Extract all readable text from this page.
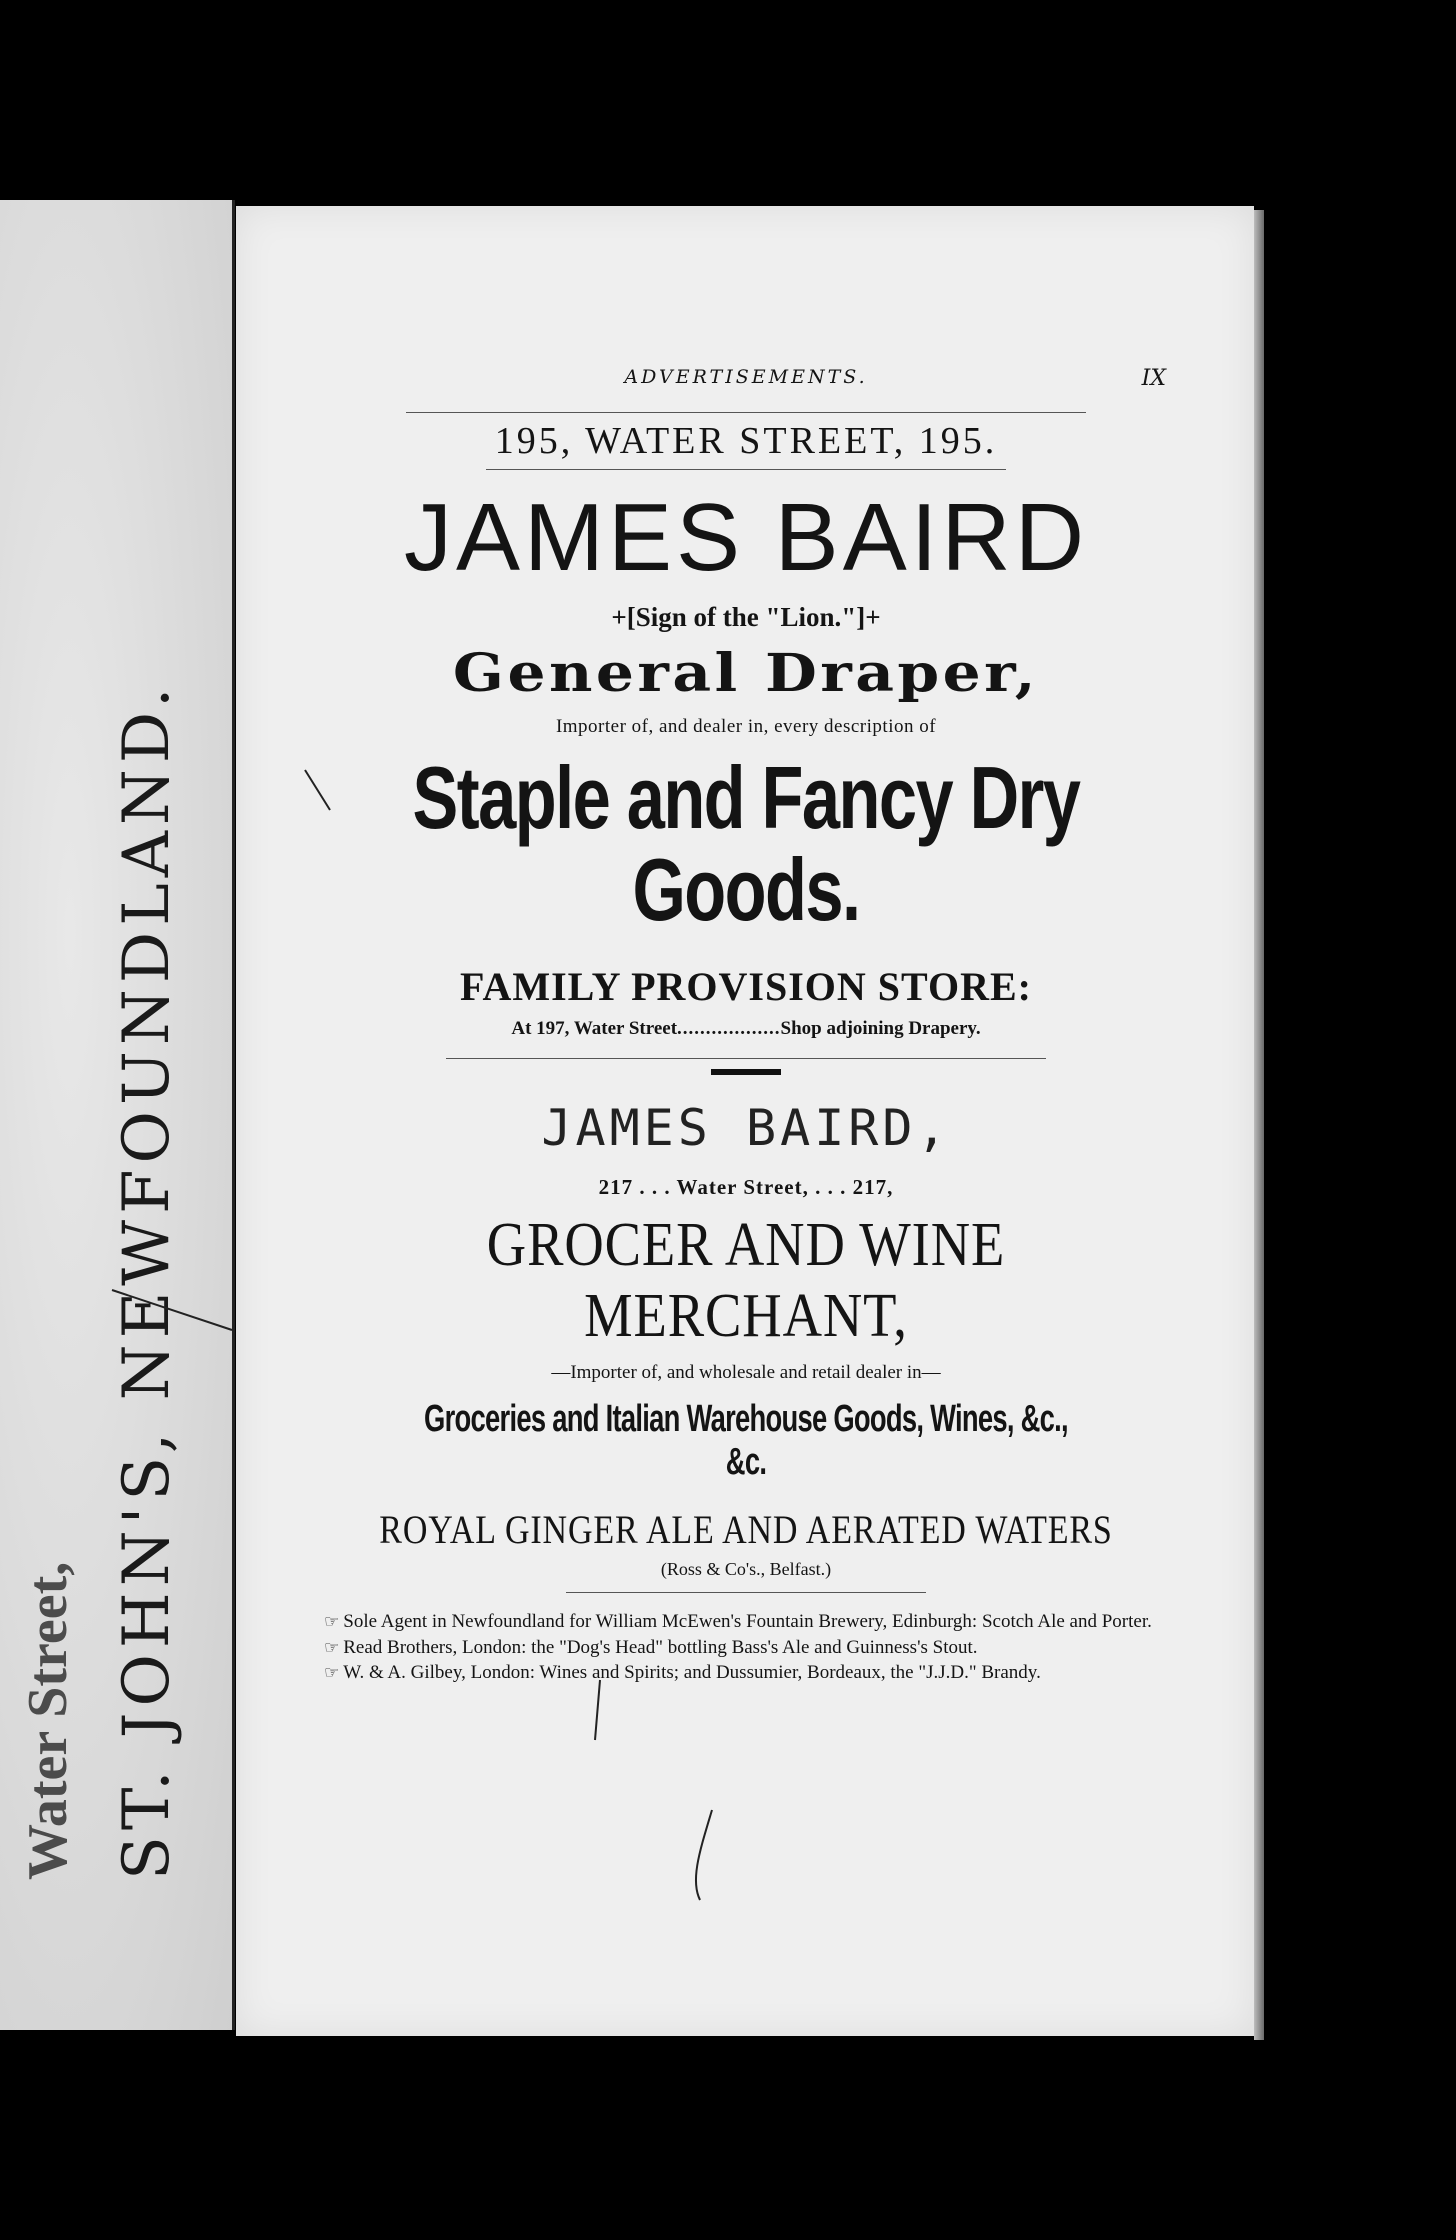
Water Street, ST. JOHN'S, NEWFOUNDLAND.
ADVERTISEMENTS.	IX
195, WATER STREET, 195.
JAMES BAIRD
+[Sign of the "Lion."]+
General Draper,
Importer of, and dealer in, every description of
Staple and Fancy Dry Goods.
FAMILY PROVISION STORE:
At 197, Water Street .................. Shop adjoining Drapery.
JAMES BAIRD,
217 . . . Water Street, . . . 217,
GROCER AND WINE MERCHANT,
—Importer of, and wholesale and retail dealer in—
Groceries and Italian Warehouse Goods, Wines, &c., &c.
ROYAL GINGER ALE AND AERATED WATERS
(Ross & Co's., Belfast.)
☞ Sole Agent in Newfoundland for William McEwen's Fountain Brewery, Edinburgh: Scotch Ale and Porter.
☞ Read Brothers, London: the "Dog's Head" bottling Bass's Ale and Guinness's Stout.
☞ W. & A. Gilbey, London: Wines and Spirits; and Dussumier, Bordeaux, the "J.J.D." Brandy.
